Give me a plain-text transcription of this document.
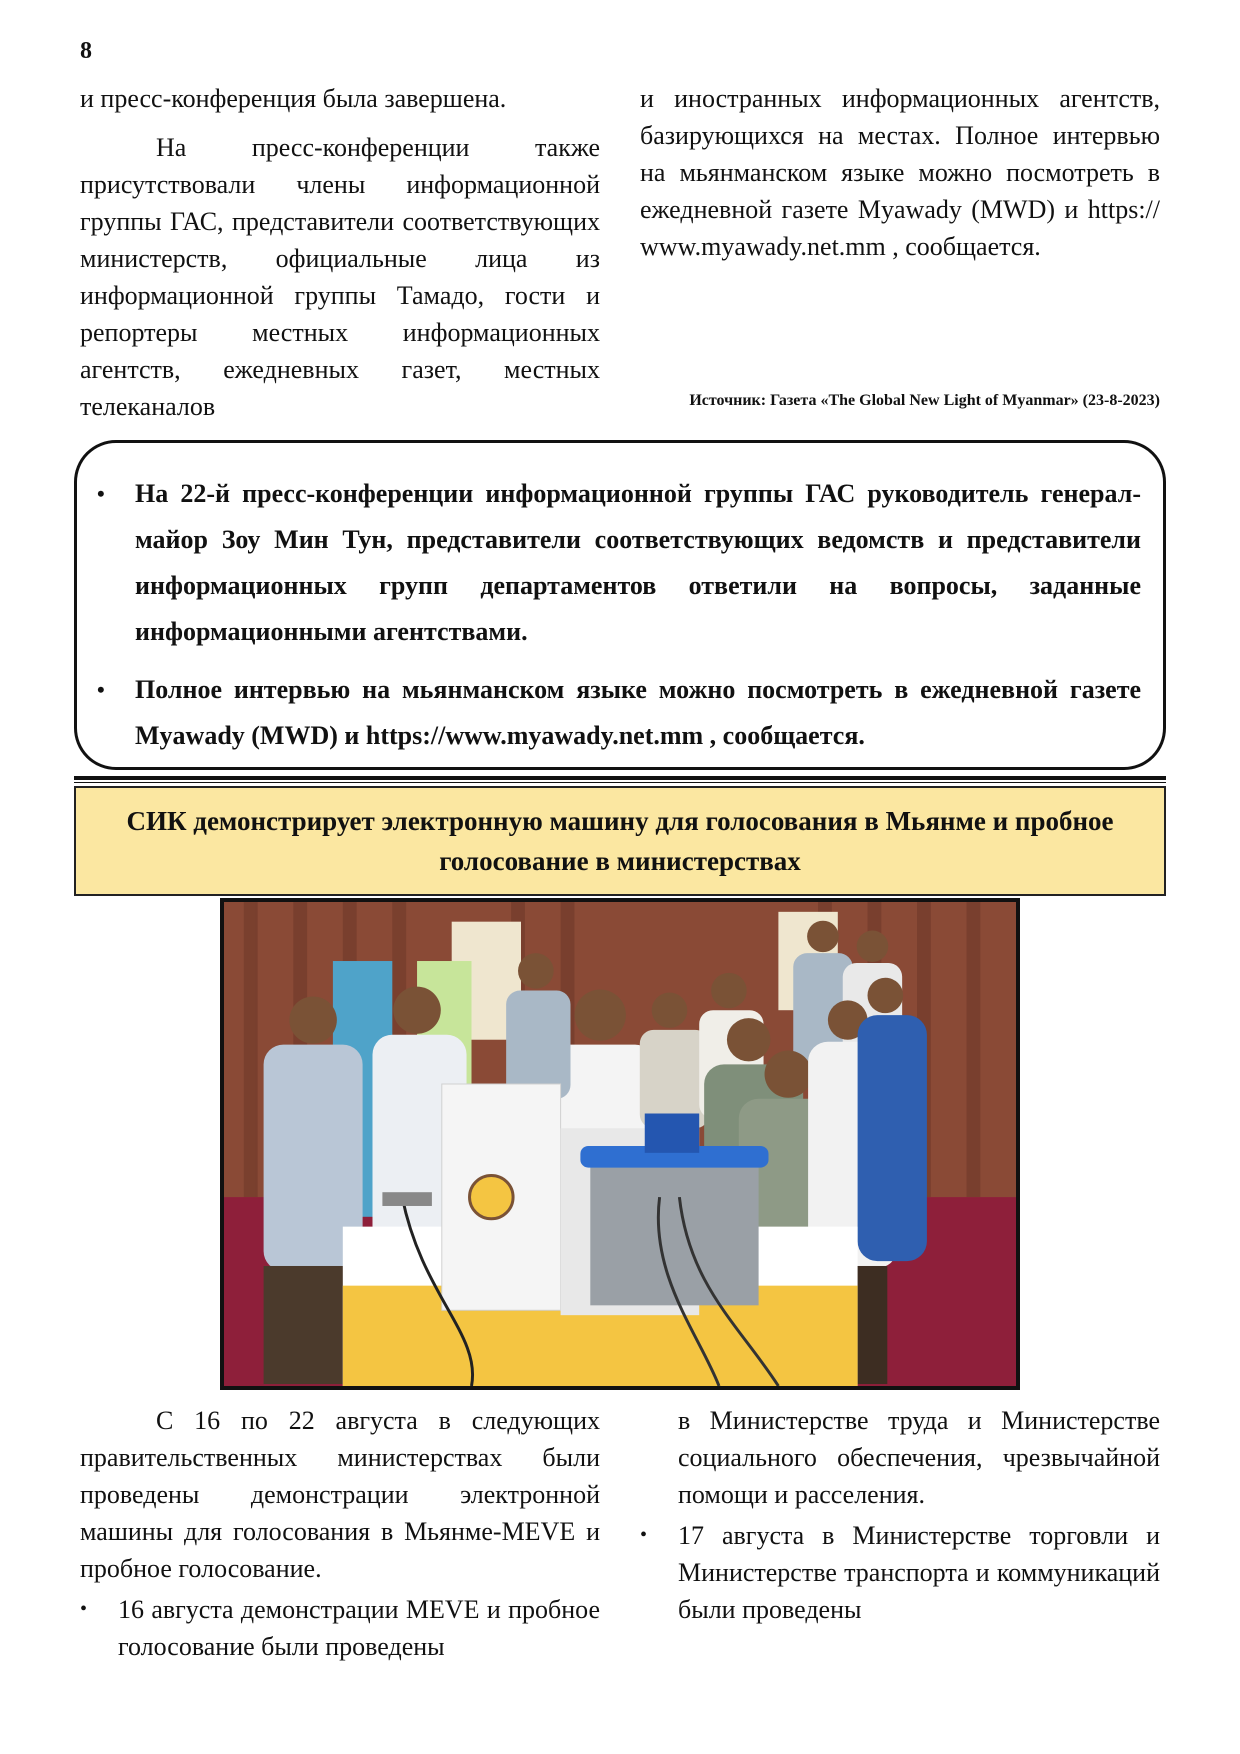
8

и пресс-конференция была завершена.

На пресс-конференции также присутствовали члены информационной группы ГАС, представители соответствующих министерств, официальные лица из информационной группы Тамадо, гости и репортеры местных информационных агентств, ежедневных газет, местных телеканалов

и иностранных информационных агентств, базирующихся на местах. Полное интервью на мьянманском языке можно посмотреть в ежедневной газете Myawady (MWD) и https:// www.myawady.net.mm , сообщается.

Источник: Газета «The Global New Light of Myanmar» (23-8-2023)
• На 22-й пресс-конференции информационной группы ГАС руководитель генерал-майор Зоу Мин Тун, представители соответствующих ведомств и представители информационных групп департаментов ответили на вопросы, заданные информационными агентствами.
• Полное интервью на мьянманском языке можно посмотреть в ежедневной газете Myawady (MWD) и https://www.myawady.net.mm , сообщается.
СИК демонстрирует электронную машину для голосования в Мьянме и пробное голосование в министерствах

С 16 по 22 августа в следующих правительственных министерствах были проведены демонстрации электронной машины для голосования в Мьянме-MEVE и пробное голосование.

• 16 августа демонстрации MEVE и пробное голосование были проведены
в Министерстве труда и Министерстве социального обеспечения, чрезвычайной помощи и расселения.
• 17 августа в Министерстве торговли и Министерстве транспорта и коммуникаций были проведены
